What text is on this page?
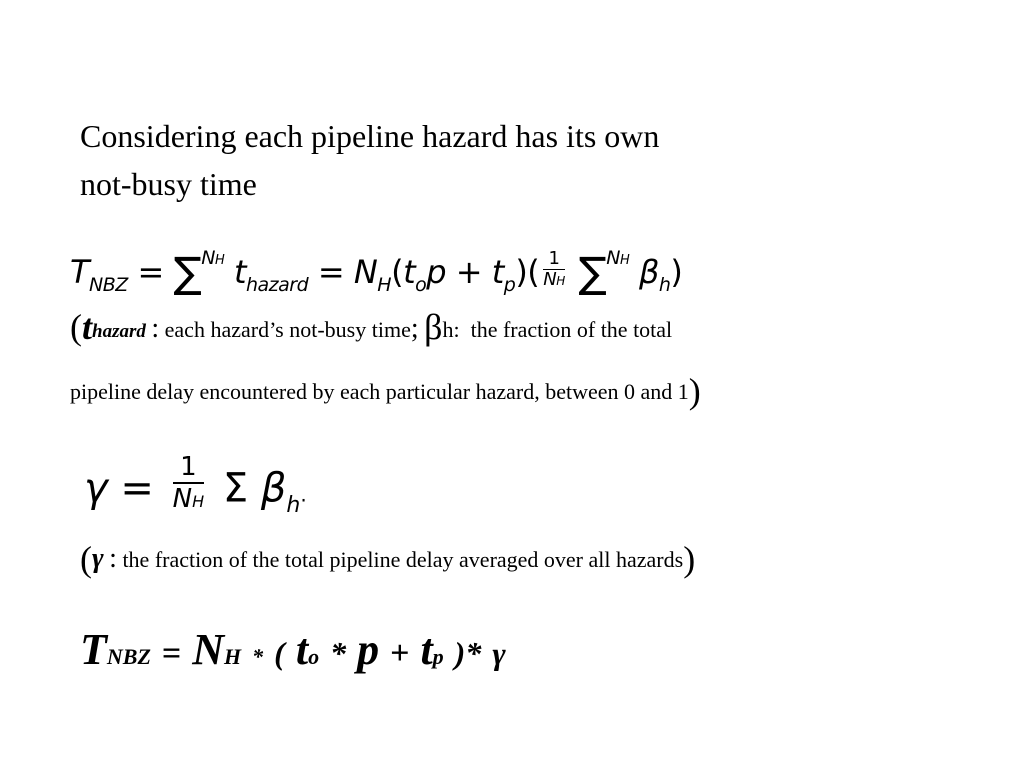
Considering each pipeline hazard has its own
not-busy time
$T_{NBZ} = \sum^{NH}$ $t_{hazard} = N_H(t_op + t_p)( \frac{1}{NH} \sum^{NH}$ $\beta_h$)
(thazard : each hazard’s not-busy time; βh:  the fraction of the total
pipeline delay encountered by each particular hazard, between 0 and 1)
$\gamma = \frac{1}{NH}$ Σ $\beta_h$.
(γ : the fraction of the total pipeline delay averaged over all hazards)
TNBZ = NH * ( to * p + tp )* γ
